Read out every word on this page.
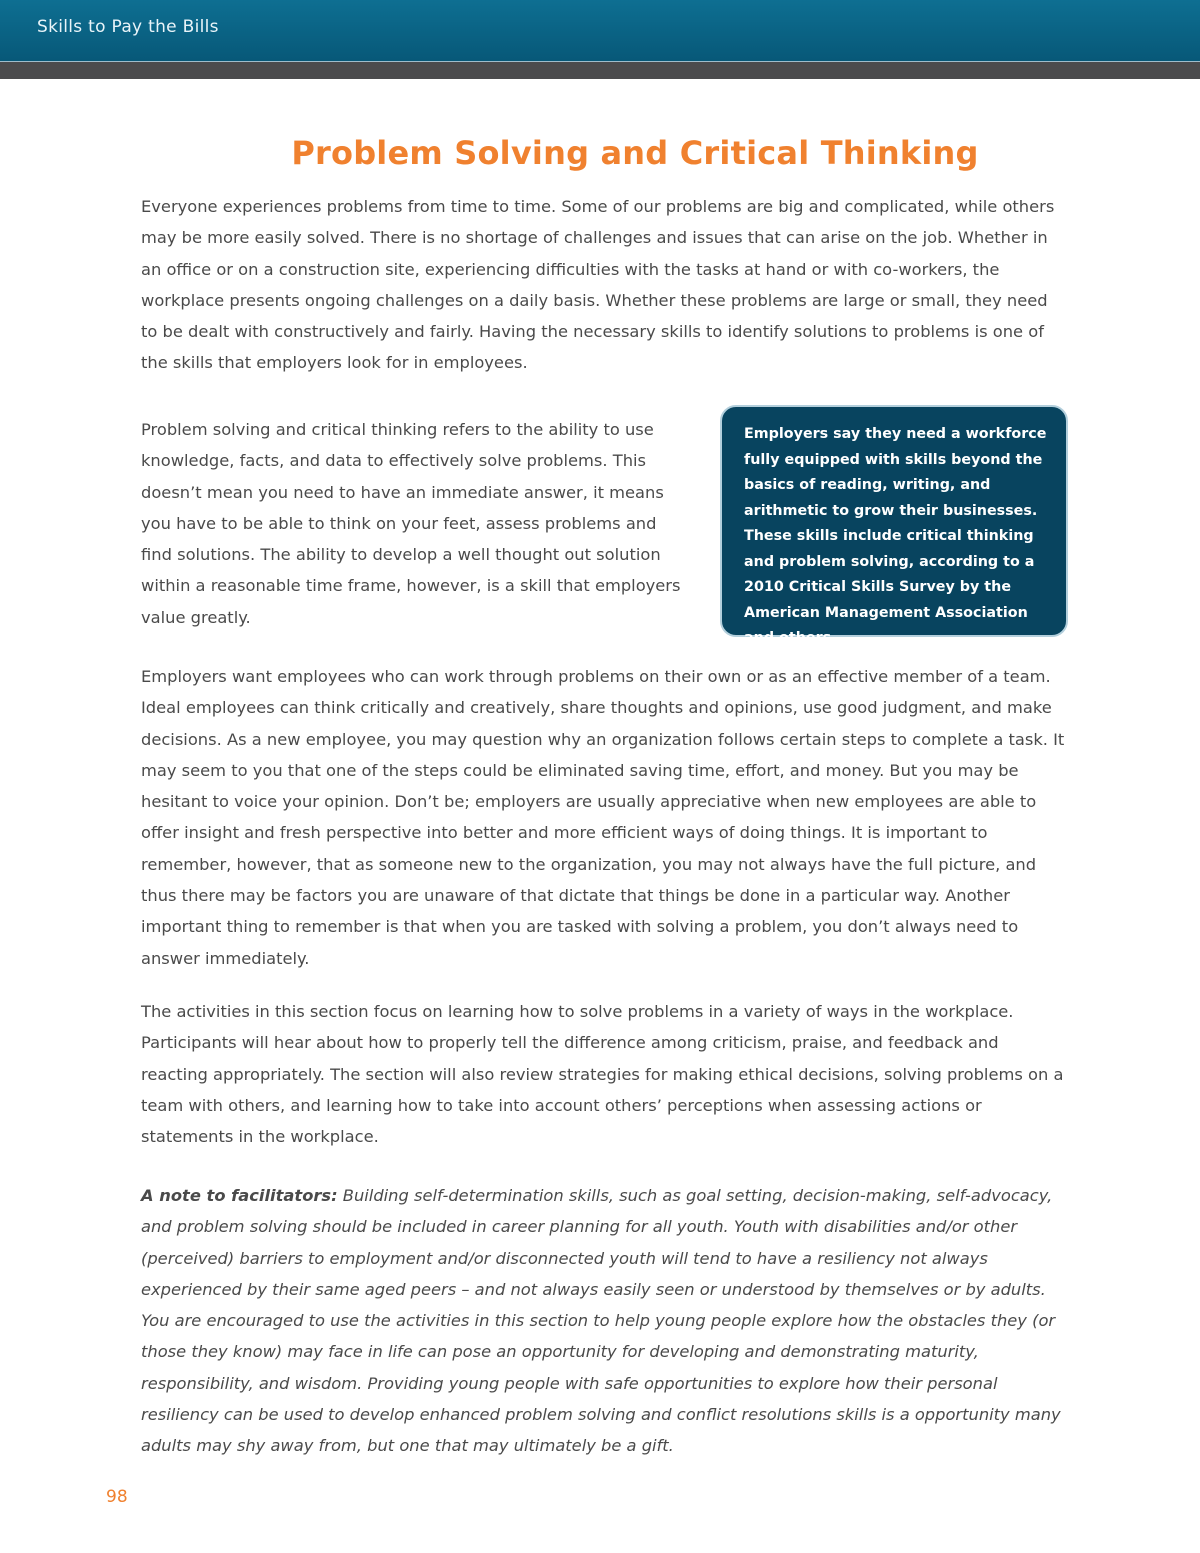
Skills to Pay the Bills
Problem Solving and Critical Thinking

Everyone experiences problems from time to time. Some of our problems are big and complicated, while others may be more easily solved. There is no shortage of challenges and issues that can arise on the job. Whether in an office or on a construction site, experiencing difficulties with the tasks at hand or with co-workers, the workplace presents ongoing challenges on a daily basis. Whether these problems are large or small, they need to be dealt with constructively and fairly. Having the necessary skills to identify solutions to problems is one of the skills that employers look for in employees.

Problem solving and critical thinking refers to the ability to use knowledge, facts, and data to effectively solve problems. This doesn’t mean you need to have an immediate answer, it means you have to be able to think on your feet, assess problems and find solutions. The ability to develop a well thought out solution within a reasonable time frame, however, is a skill that employers value greatly.

Employers say they need a workforce fully equipped with skills beyond the basics of reading, writing, and arithmetic to grow their businesses. These skills include critical thinking and problem solving, according to a 2010 Critical Skills Survey by the American Management Association and others.

Employers want employees who can work through problems on their own or as an effective member of a team. Ideal employees can think critically and creatively, share thoughts and opinions, use good judgment, and make decisions. As a new employee, you may question why an organization follows certain steps to complete a task. It may seem to you that one of the steps could be eliminated saving time, effort, and money. But you may be hesitant to voice your opinion. Don’t be; employers are usually appreciative when new employees are able to offer insight and fresh perspective into better and more efficient ways of doing things. It is important to remember, however, that as someone new to the organization, you may not always have the full picture, and thus there may be factors you are unaware of that dictate that things be done in a particular way. Another important thing to remember is that when you are tasked with solving a problem, you don’t always need to answer immediately.

The activities in this section focus on learning how to solve problems in a variety of ways in the workplace. Participants will hear about how to properly tell the difference among criticism, praise, and feedback and reacting appropriately. The section will also review strategies for making ethical decisions, solving problems on a team with others, and learning how to take into account others’ perceptions when assessing actions or statements in the workplace.

A note to facilitators: Building self-determination skills, such as goal setting, decision-making, self-advocacy, and problem solving should be included in career planning for all youth. Youth with disabilities and/or other (perceived) barriers to employment and/or disconnected youth will tend to have a resiliency not always experienced by their same aged peers – and not always easily seen or understood by themselves or by adults. You are encouraged to use the activities in this section to help young people explore how the obstacles they (or those they know) may face in life can pose an opportunity for developing and demonstrating maturity, responsibility, and wisdom. Providing young people with safe opportunities to explore how their personal resiliency can be used to develop enhanced problem solving and conflict resolutions skills is a opportunity many adults may shy away from, but one that may ultimately be a gift.

98
